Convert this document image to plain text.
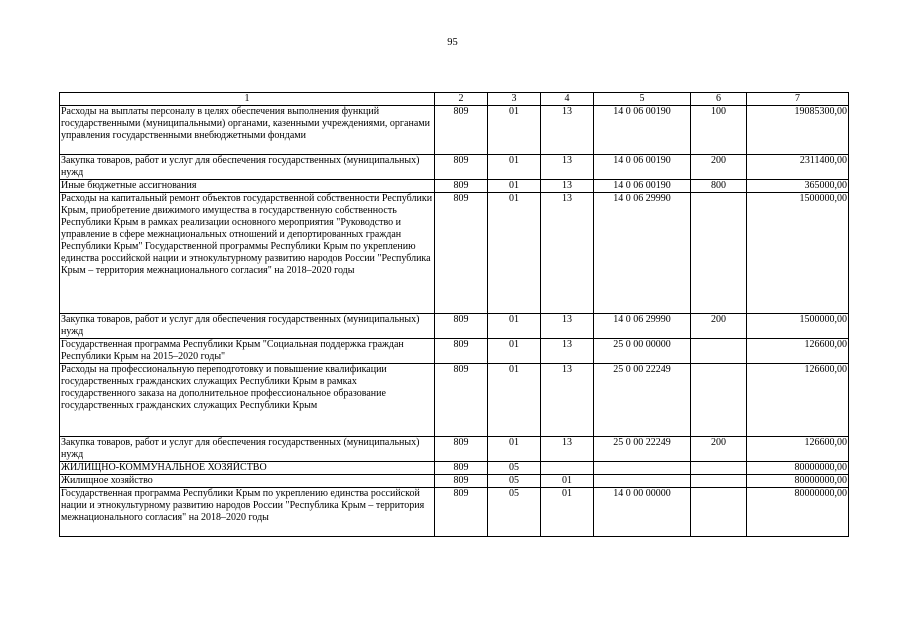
95
1	2	3	4	5	6	7
Расходы на выплаты персоналу в целях обеспечения выполнения функций государственными (муниципальными) органами, казенными учреждениями, органами управления государственными внебюджетными фондами	809	01	13	14 0 06 00190	100	19085300,00
Закупка товаров, работ и услуг для обеспечения государственных (муниципальных) нужд	809	01	13	14 0 06 00190	200	2311400,00
Иные бюджетные ассигнования	809	01	13	14 0 06 00190	800	365000,00
Расходы на капитальный ремонт объектов государственной собственности Республики Крым, приобретение движимого имущества в государственную собственность Республики Крым в рамках реализации основного мероприятия "Руководство и управление в сфере межнациональных отношений и депортированных граждан Республики Крым" Государственной программы Республики Крым по укреплению единства российской нации и этнокультурному развитию народов России "Республика Крым – территория межнационального согласия" на 2018–2020 годы	809	01	13	14 0 06 29990		1500000,00
Закупка товаров, работ и услуг для обеспечения государственных (муниципальных) нужд	809	01	13	14 0 06 29990	200	1500000,00
Государственная программа Республики Крым "Социальная поддержка граждан Республики Крым на 2015–2020 годы"	809	01	13	25 0 00 00000		126600,00
Расходы на профессиональную переподготовку и повышение квалификации государственных гражданских служащих Республики Крым в рамках государственного заказа на дополнительное профессиональное образование государственных гражданских служащих Республики Крым	809	01	13	25 0 00 22249		126600,00
Закупка товаров, работ и услуг для обеспечения государственных (муниципальных) нужд	809	01	13	25 0 00 22249	200	126600,00
ЖИЛИЩНО-КОММУНАЛЬНОЕ ХОЗЯЙСТВО	809	05				80000000,00
Жилищное хозяйство	809	05	01			80000000,00
Государственная программа Республики Крым по укреплению единства российской нации и этнокультурному развитию народов России "Республика Крым – территория межнационального согласия" на 2018–2020 годы	809	05	01	14 0 00 00000		80000000,00
